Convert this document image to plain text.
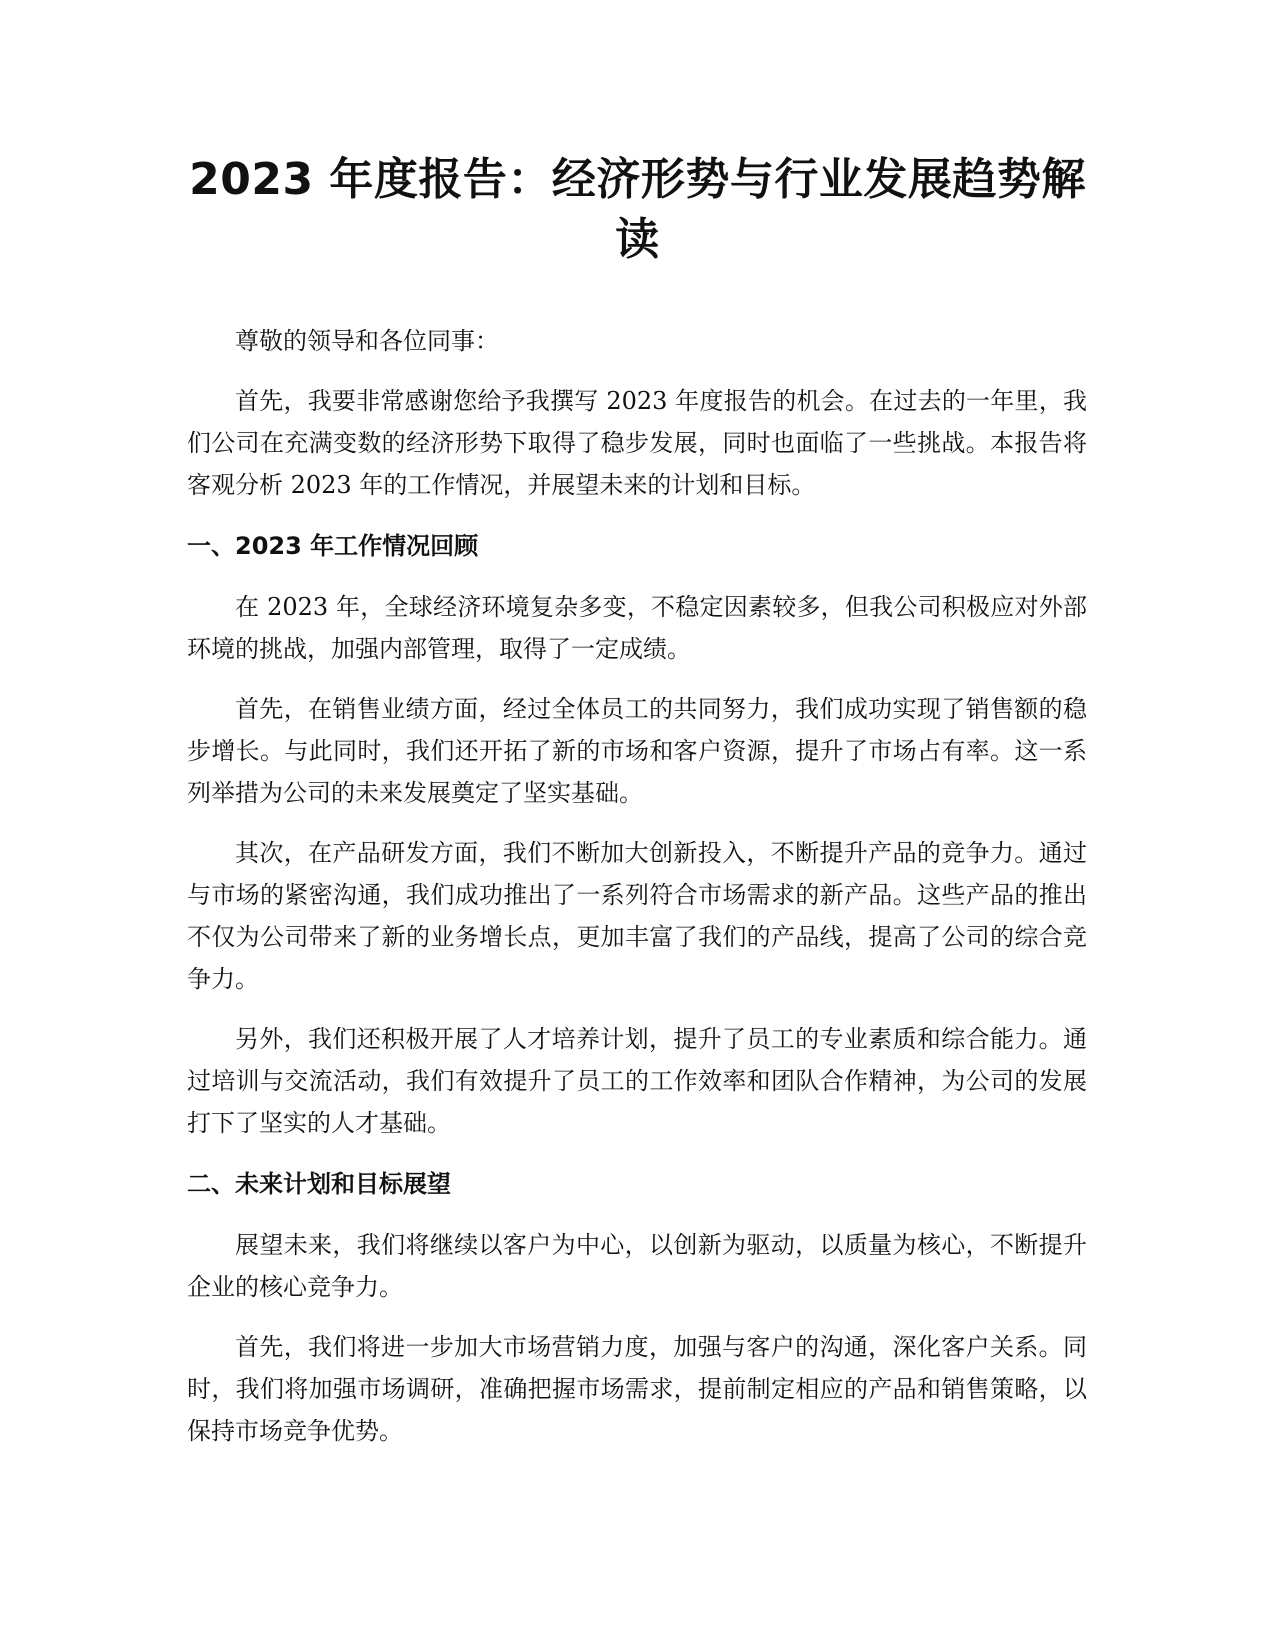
2023 年度报告：经济形势与行业发展趋势解读

尊敬的领导和各位同事：

首先，我要非常感谢您给予我撰写 2023 年度报告的机会。在过去的一年里，我们公司在充满变数的经济形势下取得了稳步发展，同时也面临了一些挑战。本报告将客观分析 2023 年的工作情况，并展望未来的计划和目标。

一、2023 年工作情况回顾

在 2023 年，全球经济环境复杂多变，不稳定因素较多，但我公司积极应对外部环境的挑战，加强内部管理，取得了一定成绩。

首先，在销售业绩方面，经过全体员工的共同努力，我们成功实现了销售额的稳步增长。与此同时，我们还开拓了新的市场和客户资源，提升了市场占有率。这一系列举措为公司的未来发展奠定了坚实基础。

其次，在产品研发方面，我们不断加大创新投入，不断提升产品的竞争力。通过与市场的紧密沟通，我们成功推出了一系列符合市场需求的新产品。这些产品的推出不仅为公司带来了新的业务增长点，更加丰富了我们的产品线，提高了公司的综合竞争力。

另外，我们还积极开展了人才培养计划，提升了员工的专业素质和综合能力。通过培训与交流活动，我们有效提升了员工的工作效率和团队合作精神，为公司的发展打下了坚实的人才基础。

二、未来计划和目标展望

展望未来，我们将继续以客户为中心，以创新为驱动，以质量为核心，不断提升企业的核心竞争力。

首先，我们将进一步加大市场营销力度，加强与客户的沟通，深化客户关系。同时，我们将加强市场调研，准确把握市场需求，提前制定相应的产品和销售策略，以保持市场竞争优势。
